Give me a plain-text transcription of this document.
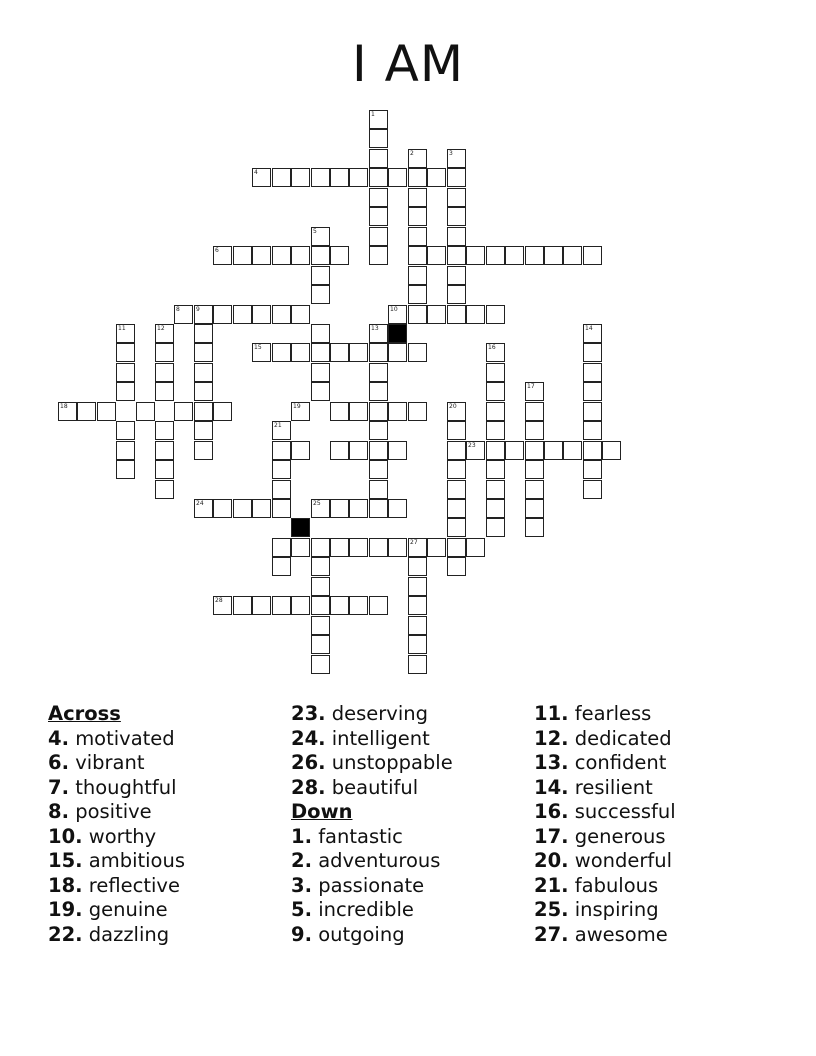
I AM
1
2	3
4
5
6
8	9	10
11	12	13	14
15	16
17
18	19	20
21
23
24	25
27
28
Across
4. motivated
6. vibrant
7. thoughtful
8. positive
10. worthy
15. ambitious
18. reflective
19. genuine
22. dazzling
23. deserving
24. intelligent
26. unstoppable
28. beautiful
Down
1. fantastic
2. adventurous
3. passionate
5. incredible
9. outgoing
11. fearless
12. dedicated
13. confident
14. resilient
16. successful
17. generous
20. wonderful
21. fabulous
25. inspiring
27. awesome
